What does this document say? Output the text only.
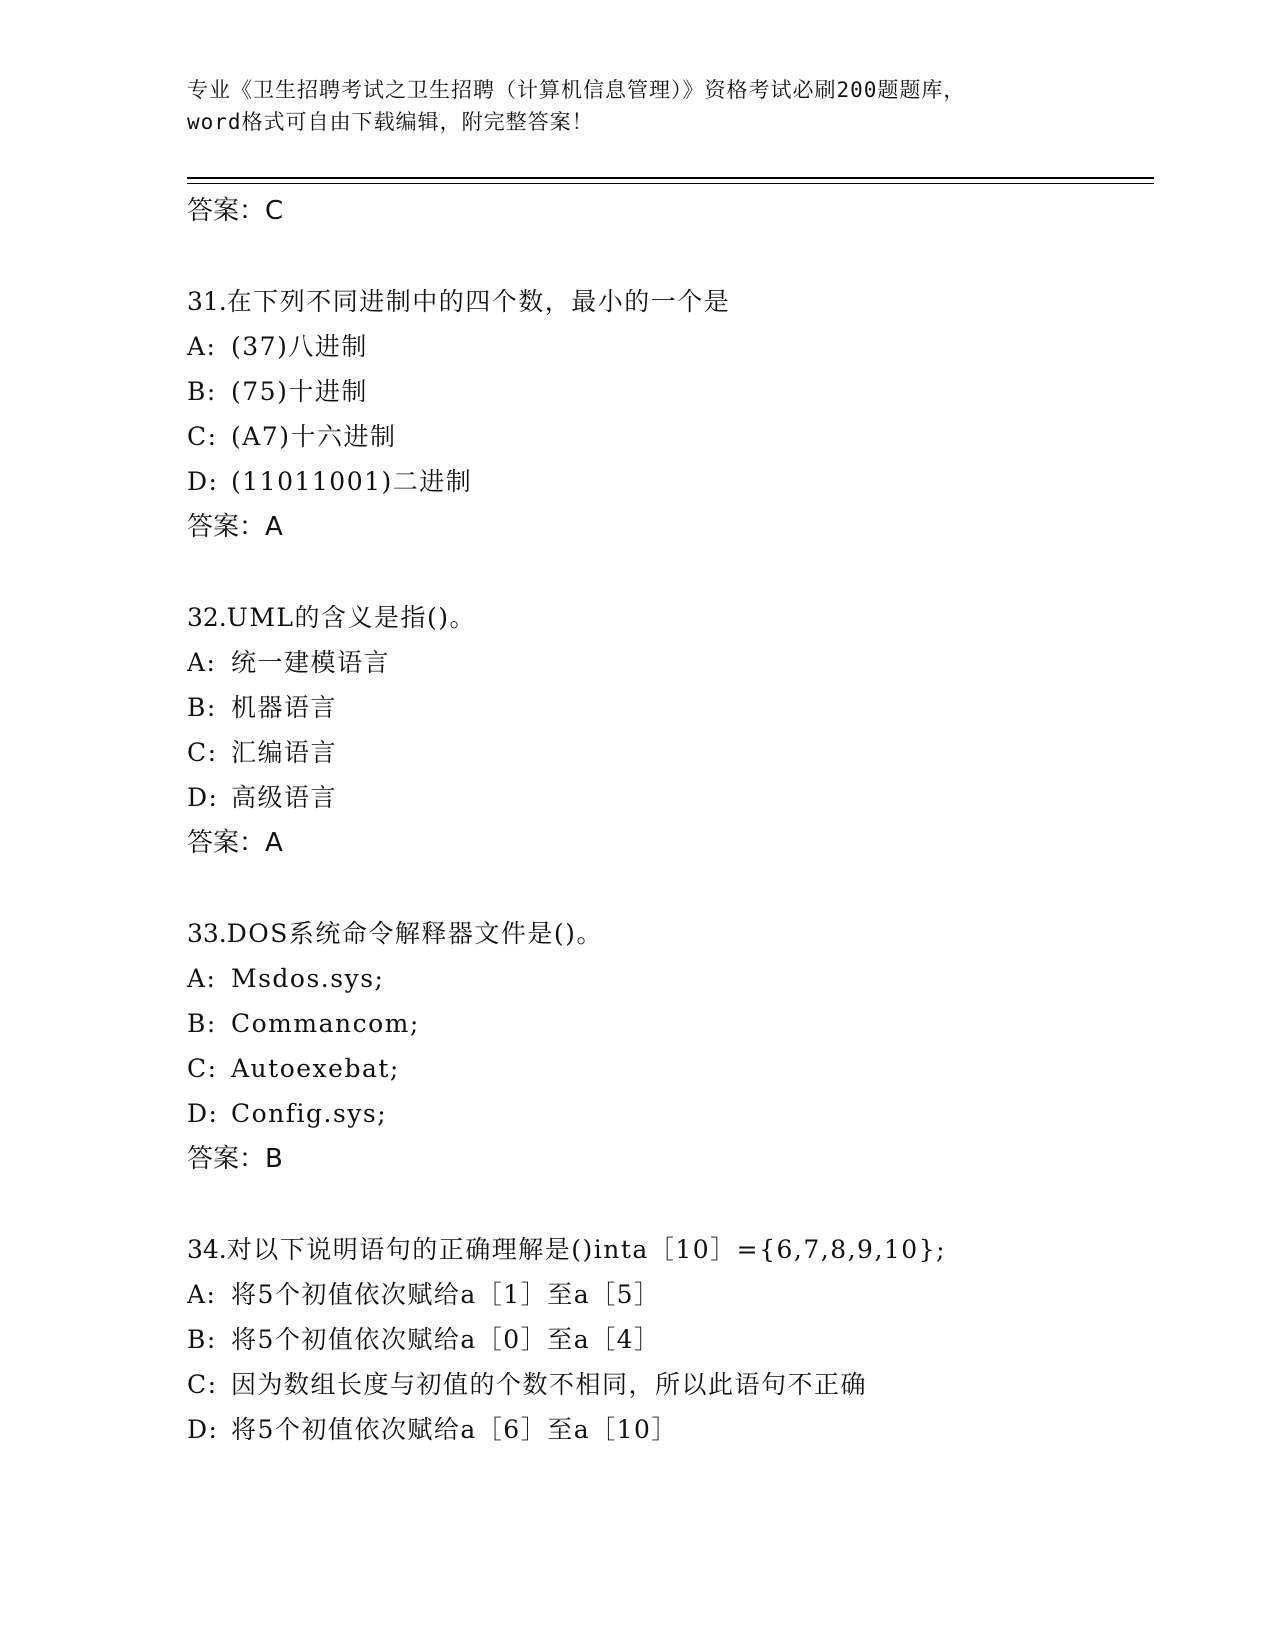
专业《卫生招聘考试之卫生招聘（计算机信息管理）》资格考试必刷200题题库，
word格式可自由下载编辑，附完整答案！
答案：C
31.在下列不同进制中的四个数，最小的一个是
A: (37)八进制
B: (75)十进制
C: (A7)十六进制
D: (11011001)二进制
答案：A
32.UML的含义是指()。
A: 统一建模语言
B: 机器语言
C: 汇编语言
D: 高级语言
答案：A
33.DOS系统命令解释器文件是()。
A: Msdos.sys;
B: Commancom;
C: Autoexebat;
D: Config.sys;
答案：B
34.对以下说明语句的正确理解是()inta［10］={6,7,8,9,10};
A: 将5个初值依次赋给a［1］至a［5］
B: 将5个初值依次赋给a［0］至a［4］
C: 因为数组长度与初值的个数不相同，所以此语句不正确
D: 将5个初值依次赋给a［6］至a［10］
